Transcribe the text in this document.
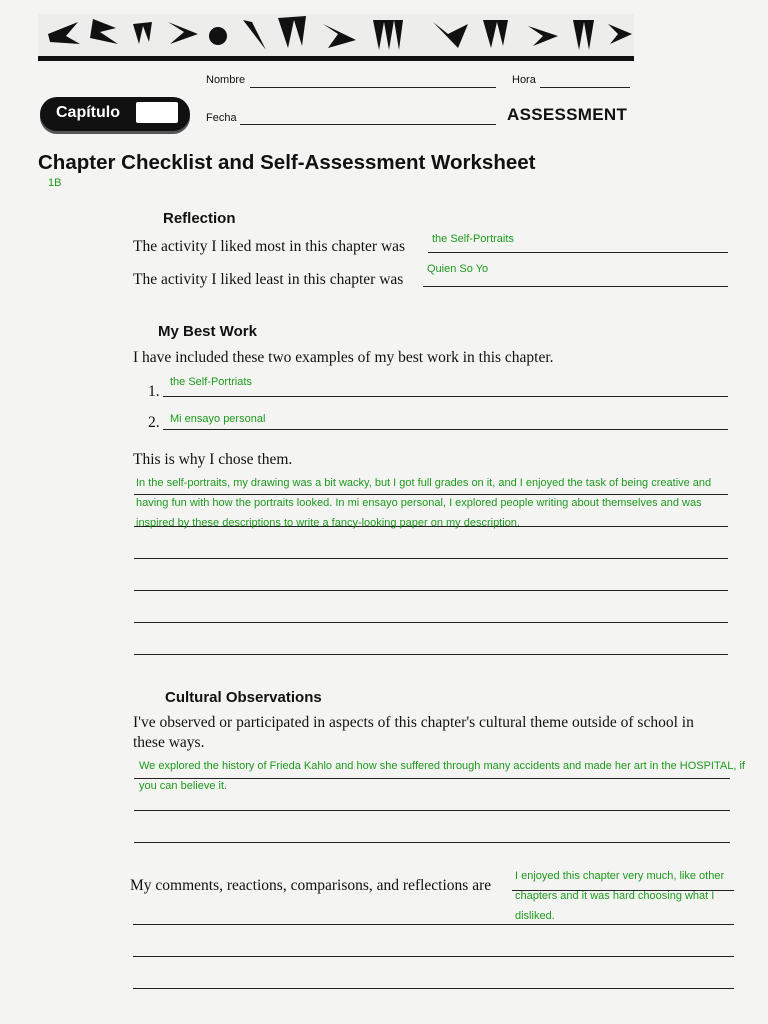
Nombre	Hora
Capítulo	Fecha	ASSESSMENT
Chapter Checklist and Self-Assessment Worksheet
1B
Reflection
The activity I liked most in this chapter was the Self-Portraits
The activity I liked least in this chapter was
Quien So Yo
My Best Work
I have included these two examples of my best work in this chapter.
1.
the Self-Portriats
2. Mi ensayo personal
This is why I chose them.
In the self-portraits, my drawing was a bit wacky, but I got full grades on it, and I enjoyed the task of being creative and having fun with how the portraits looked. In mi ensayo personal, I explored people writing about themselves and was inspired by these descriptions to write a fancy-looking paper on my description.
Cultural Observations
I've observed or participated in aspects of this chapter's cultural theme outside of school in
these ways.
We explored the history of Frieda Kahlo and how she suffered through many accidents and made her art in the HOSPITAL, if you can believe it.
My comments, reactions, comparisons, and reflections are
I enjoyed this chapter very much, like other chapters and it was hard choosing what I disliked.
